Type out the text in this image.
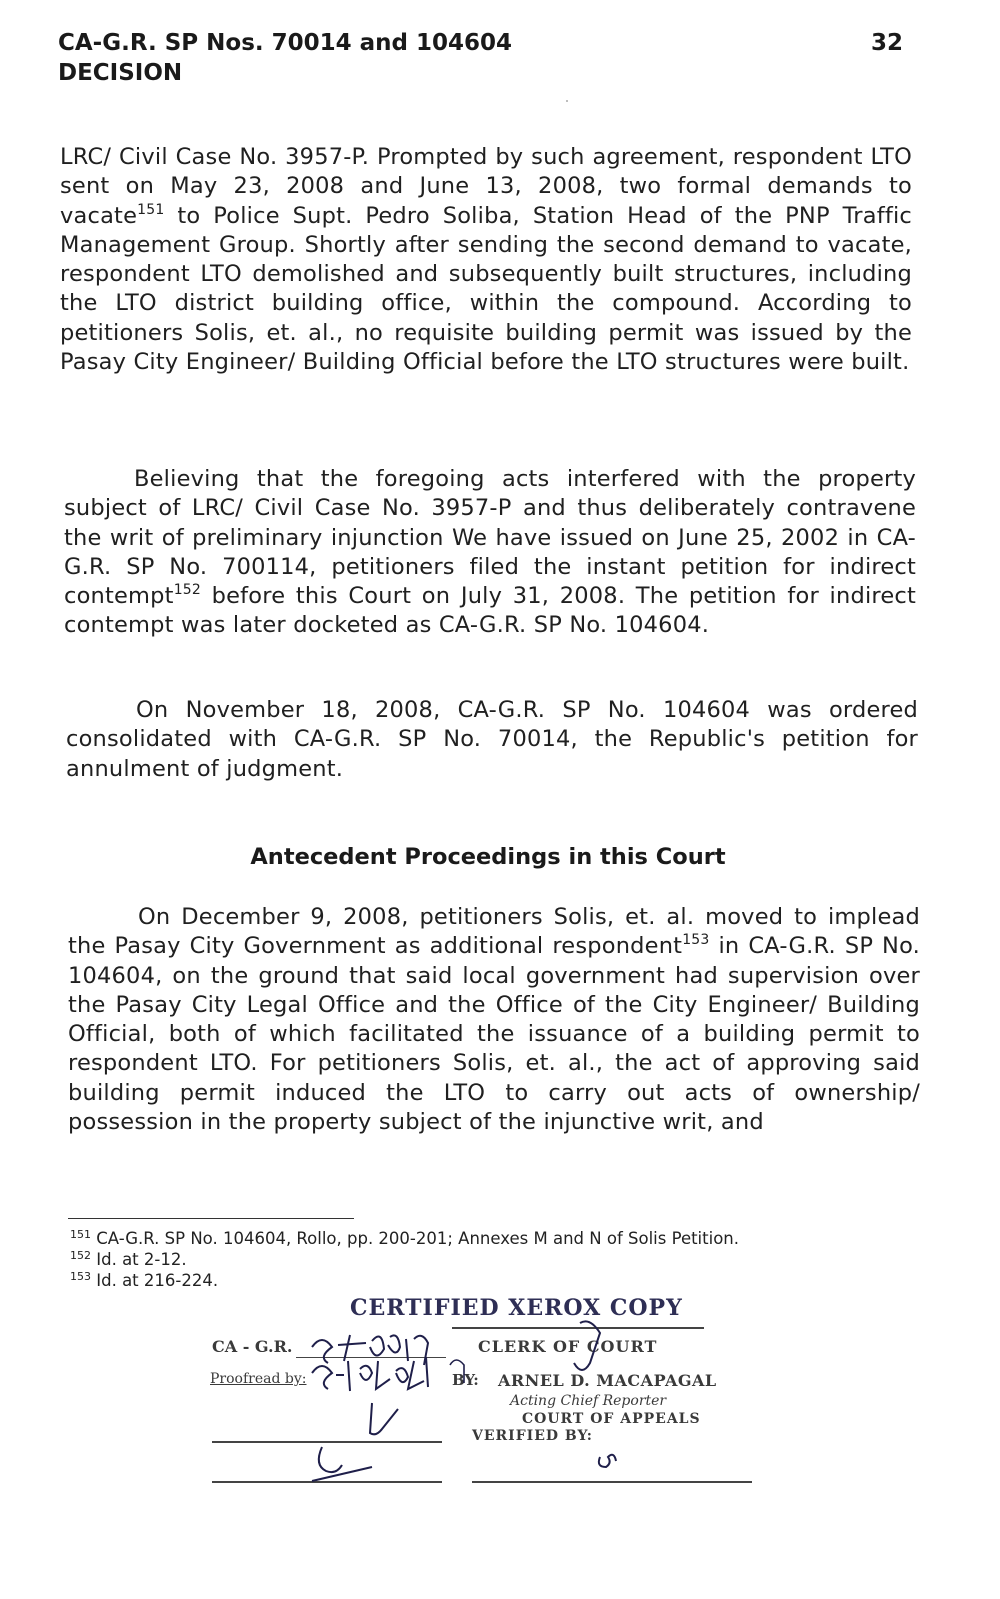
CA-G.R. SP Nos. 70014 and 104604	32
DECISION

LRC/ Civil Case No. 3957-P. Prompted by such agreement, respondent LTO sent on May 23, 2008 and June 13, 2008, two formal demands to vacate$^{151}$ to Police Supt. Pedro Soliba, Station Head of the PNP Traffic Management Group. Shortly after sending the second demand to vacate, respondent LTO demolished and subsequently built structures, including the LTO district building office, within the compound. According to petitioners Solis, et. al., no requisite building permit was issued by the Pasay City Engineer/ Building Official before the LTO structures were built.

Believing that the foregoing acts interfered with the property subject of LRC/ Civil Case No. 3957-P and thus deliberately contravene the writ of preliminary injunction We have issued on June 25, 2002 in CA-G.R. SP No. 700114, petitioners filed the instant petition for indirect contempt$^{152}$ before this Court on July 31, 2008. The petition for indirect contempt was later docketed as CA-G.R. SP No. 104604.

On November 18, 2008, CA-G.R. SP No. 104604 was ordered consolidated with CA-G.R. SP No. 70014, the Republic's petition for annulment of judgment.

Antecedent Proceedings in this Court

On December 9, 2008, petitioners Solis, et. al. moved to implead the Pasay City Government as additional respondent$^{153}$ in CA-G.R. SP No. 104604, on the ground that said local government had supervision over the Pasay City Legal Office and the Office of the City Engineer/ Building Official, both of which facilitated the issuance of a building permit to respondent LTO. For petitioners Solis, et. al., the act of approving said building permit induced the LTO to carry out acts of ownership/ possession in the property subject of the injunctive writ, and

$^{151}$ CA-G.R. SP No. 104604, Rollo, pp. 200-201; Annexes M and N of Solis Petition.
$^{152}$ Id. at 2-12.
$^{153}$ Id. at 216-224.
CERTIFIED XEROX COPY
CA - G.R.	CLERK OF COURT
Proofread by:	BY: ARNEL D. MACAPAGAL
Acting Chief Reporter
COURT OF APPEALS
VERIFIED BY:
